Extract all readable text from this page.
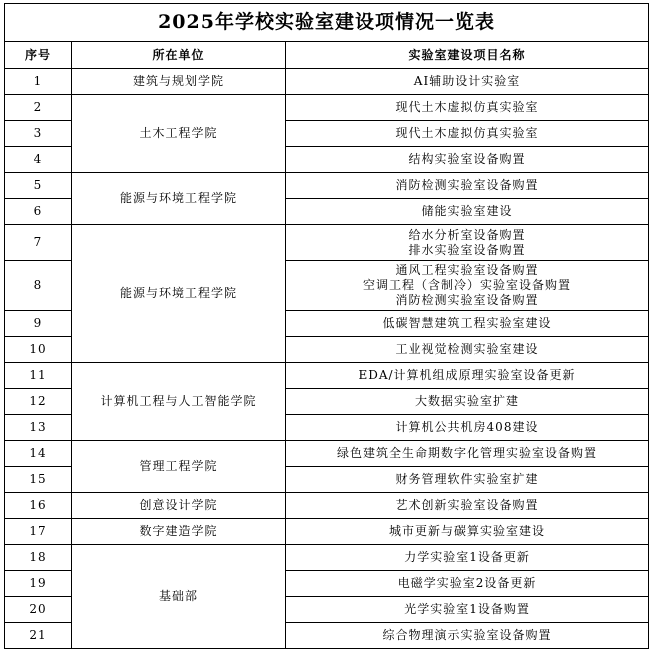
2025年学校实验室建设项情况一览表		
序号	所在单位	实验室建设项目名称
1	建筑与规划学院	AI辅助设计实验室

2	土木工程学院	现代土木虚拟仿真实验室

3		现代土木虚拟仿真实验室

4		结构实验室设备购置

5	能源与环境工程学院	消防检测实验室设备购置

6		储能实验室建设

7	能源与环境工程学院	给水分析室设备购置
排水实验室设备购置

8		通风工程实验室设备购置
空调工程（含制冷）实验室设备购置
消防检测实验室设备购置

9		低碳智慧建筑工程实验室建设

10		工业视觉检测实验室建设

11	计算机工程与人工智能学院	EDA/计算机组成原理实验室设备更新

12		大数据实验室扩建

13		计算机公共机房408建设

14	管理工程学院	绿色建筑全生命期数字化管理实验室设备购置

15		财务管理软件实验室扩建

16	创意设计学院	艺术创新实验室设备购置

17	数字建造学院	城市更新与碳算实验室建设

18	基础部	力学实验室1设备更新

19		电磁学实验室2设备更新

20		光学实验室1设备购置

21		综合物理演示实验室设备购置
